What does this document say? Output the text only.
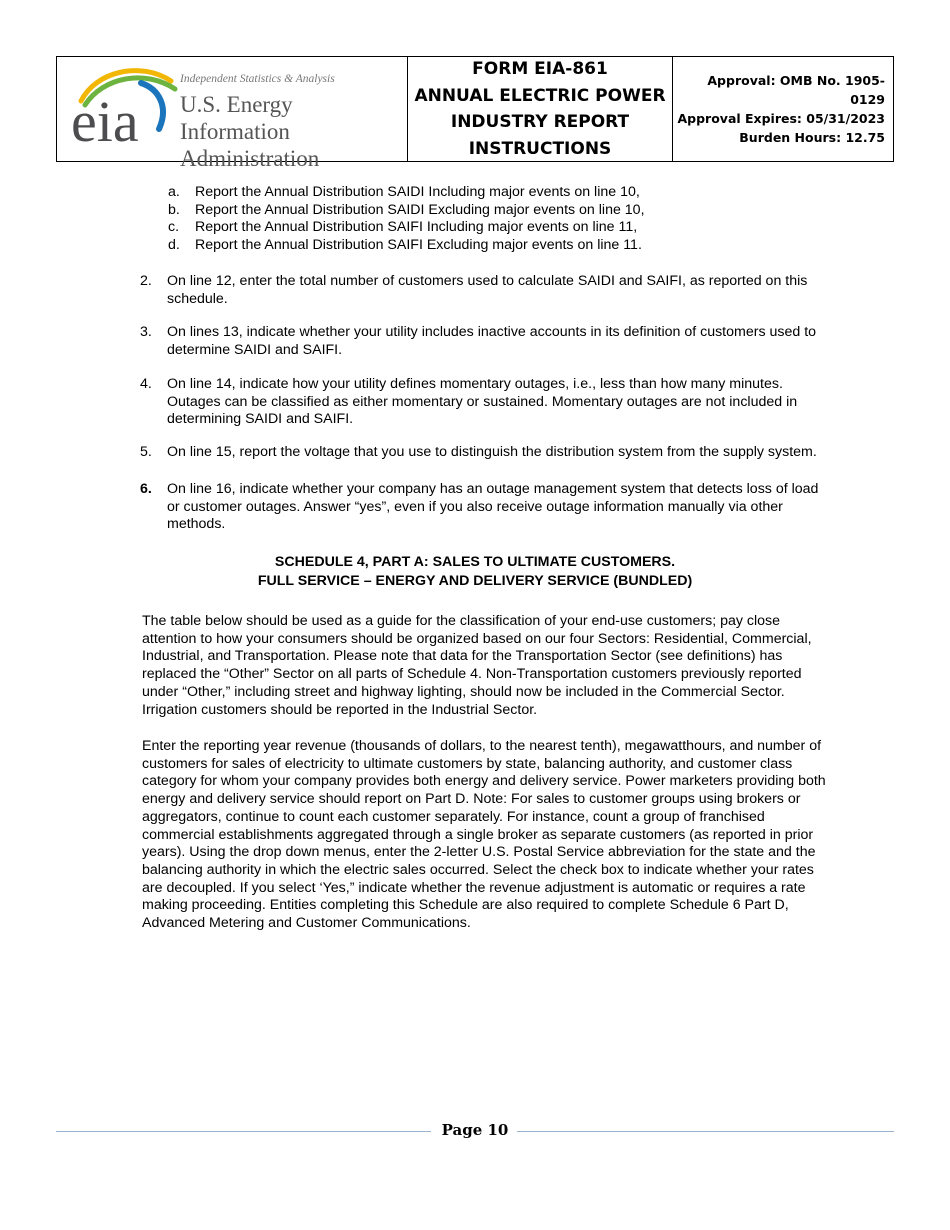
eia
Independent Statistics & Analysis
U.S. Energy Information
Administration
FORM EIA-861
ANNUAL ELECTRIC POWER
INDUSTRY REPORT
INSTRUCTIONS
Approval: OMB No. 1905-0129
Approval Expires: 05/31/2023
Burden Hours: 12.75
a. Report the Annual Distribution SAIDI Including major events on line 10,
b. Report the Annual Distribution SAIDI Excluding major events on line 10,
c. Report the Annual Distribution SAIFI Including major events on line 11,
d. Report the Annual Distribution SAIFI Excluding major events on line 11.
2. On line 12, enter the total number of customers used to calculate SAIDI and SAIFI, as reported on this
schedule.
3. On lines 13, indicate whether your utility includes inactive accounts in its definition of customers used to
determine SAIDI and SAIFI.
4. On line 14, indicate how your utility defines momentary outages, i.e., less than how many minutes.
Outages can be classified as either momentary or sustained. Momentary outages are not included in
determining SAIDI and SAIFI.
5. On line 15, report the voltage that you use to distinguish the distribution system from the supply system.
6. On line 16, indicate whether your company has an outage management system that detects loss of load
or customer outages. Answer “yes”, even if you also receive outage information manually via other
methods.
SCHEDULE 4, PART A: SALES TO ULTIMATE CUSTOMERS.
FULL SERVICE – ENERGY AND DELIVERY SERVICE (BUNDLED)
The table below should be used as a guide for the classification of your end-use customers; pay close
attention to how your consumers should be organized based on our four Sectors: Residential, Commercial,
Industrial, and Transportation. Please note that data for the Transportation Sector (see definitions) has
replaced the “Other” Sector on all parts of Schedule 4. Non-Transportation customers previously reported
under “Other,” including street and highway lighting, should now be included in the Commercial Sector.
Irrigation customers should be reported in the Industrial Sector.
Enter the reporting year revenue (thousands of dollars, to the nearest tenth), megawatthours, and number of
customers for sales of electricity to ultimate customers by state, balancing authority, and customer class
category for whom your company provides both energy and delivery service. Power marketers providing both
energy and delivery service should report on Part D. Note: For sales to customer groups using brokers or
aggregators, continue to count each customer separately. For instance, count a group of franchised
commercial establishments aggregated through a single broker as separate customers (as reported in prior
years). Using the drop down menus, enter the 2-letter U.S. Postal Service abbreviation for the state and the
balancing authority in which the electric sales occurred. Select the check box to indicate whether your rates
are decoupled. If you select ‘Yes,” indicate whether the revenue adjustment is automatic or requires a rate
making proceeding. Entities completing this Schedule are also required to complete Schedule 6 Part D,
Advanced Metering and Customer Communications.
Page 10
